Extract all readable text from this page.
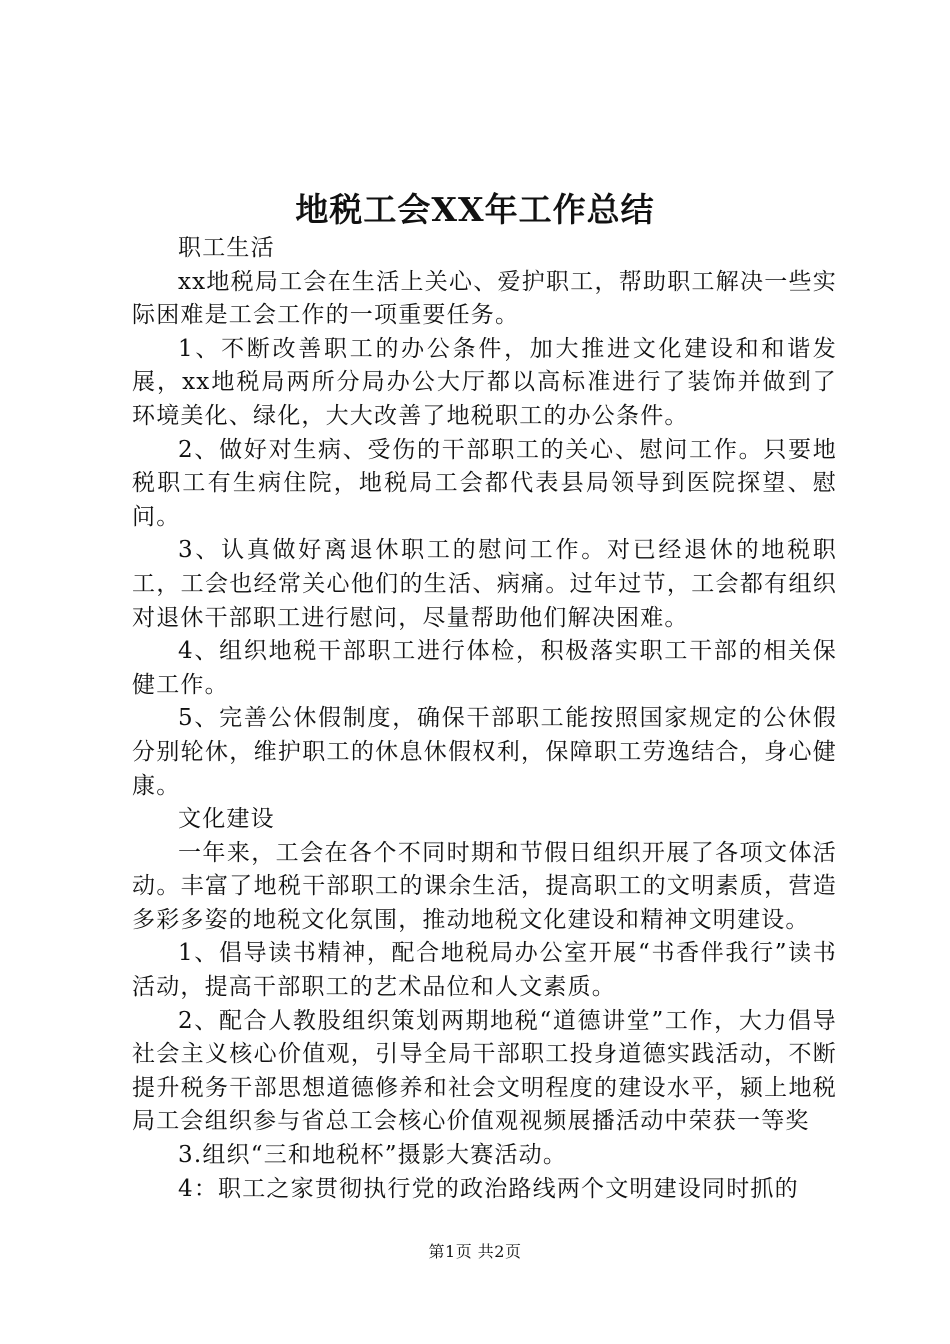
地税工会XX年工作总结

职工生活

xx地税局工会在生活上关心、爱护职工，帮助职工解决一些实际困难是工会工作的一项重要任务。

1、不断改善职工的办公条件，加大推进文化建设和和谐发展，xx地税局两所分局办公大厅都以高标准进行了装饰并做到了环境美化、绿化，大大改善了地税职工的办公条件。

2、做好对生病、受伤的干部职工的关心、慰问工作。只要地税职工有生病住院，地税局工会都代表县局领导到医院探望、慰问。

3、认真做好离退休职工的慰问工作。对已经退休的地税职工，工会也经常关心他们的生活、病痛。过年过节，工会都有组织对退休干部职工进行慰问，尽量帮助他们解决困难。

4、组织地税干部职工进行体检，积极落实职工干部的相关保健工作。

5、完善公休假制度，确保干部职工能按照国家规定的公休假分别轮休，维护职工的休息休假权利，保障职工劳逸结合，身心健康。

文化建设

一年来，工会在各个不同时期和节假日组织开展了各项文体活动。丰富了地税干部职工的课余生活，提高职工的文明素质，营造多彩多姿的地税文化氛围，推动地税文化建设和精神文明建设。

1、倡导读书精神，配合地税局办公室开展“书香伴我行”读书活动，提高干部职工的艺术品位和人文素质。

2、配合人教股组织策划两期地税“道德讲堂”工作，大力倡导社会主义核心价值观，引导全局干部职工投身道德实践活动，不断提升税务干部思想道德修养和社会文明程度的建设水平，颍上地税局工会组织参与省总工会核心价值观视频展播活动中荣获一等奖

3.组织“三和地税杯”摄影大赛活动。

4：职工之家贯彻执行党的政治路线两个文明建设同时抓的

第1页 共2页
